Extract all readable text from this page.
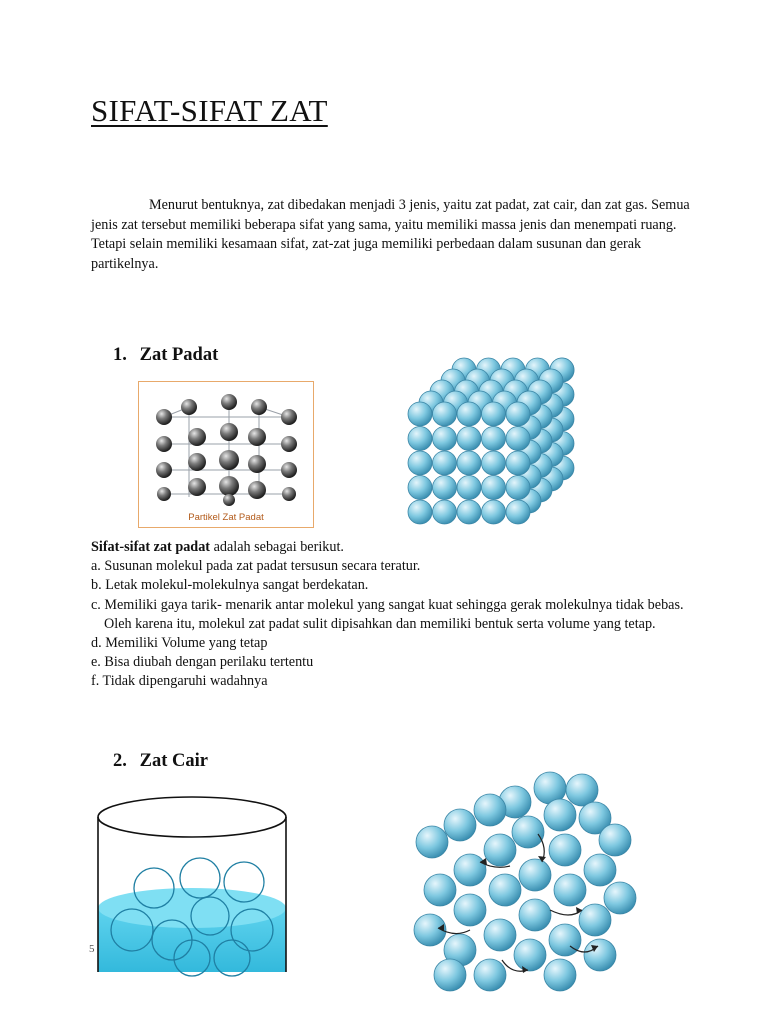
SIFAT-SIFAT ZAT

Menurut bentuknya, zat dibedakan menjadi 3 jenis, yaitu zat padat, zat cair, dan zat gas. Semua jenis zat tersebut memiliki beberapa sifat yang sama, yaitu memiliki massa jenis dan menempati ruang. Tetapi selain memiliki kesamaan sifat, zat-zat juga memiliki perbedaan dalam susunan dan gerak partikelnya.

1. Zat Padat
Partikel Zat Padat
Sifat-sifat zat padat adalah sebagai berikut.
a. Susunan molekul pada zat padat tersusun secara teratur.
b. Letak molekul-molekulnya sangat berdekatan.
c. Memiliki gaya tarik- menarik antar molekul yang sangat kuat sehingga gerak molekulnya tidak bebas. Oleh karena itu, molekul zat padat sulit dipisahkan dan memiliki bentuk serta volume yang tetap.
d. Memiliki Volume yang tetap
e. Bisa diubah dengan perilaku tertentu
f. Tidak dipengaruhi wadahnya
2. Zat Cair
5
